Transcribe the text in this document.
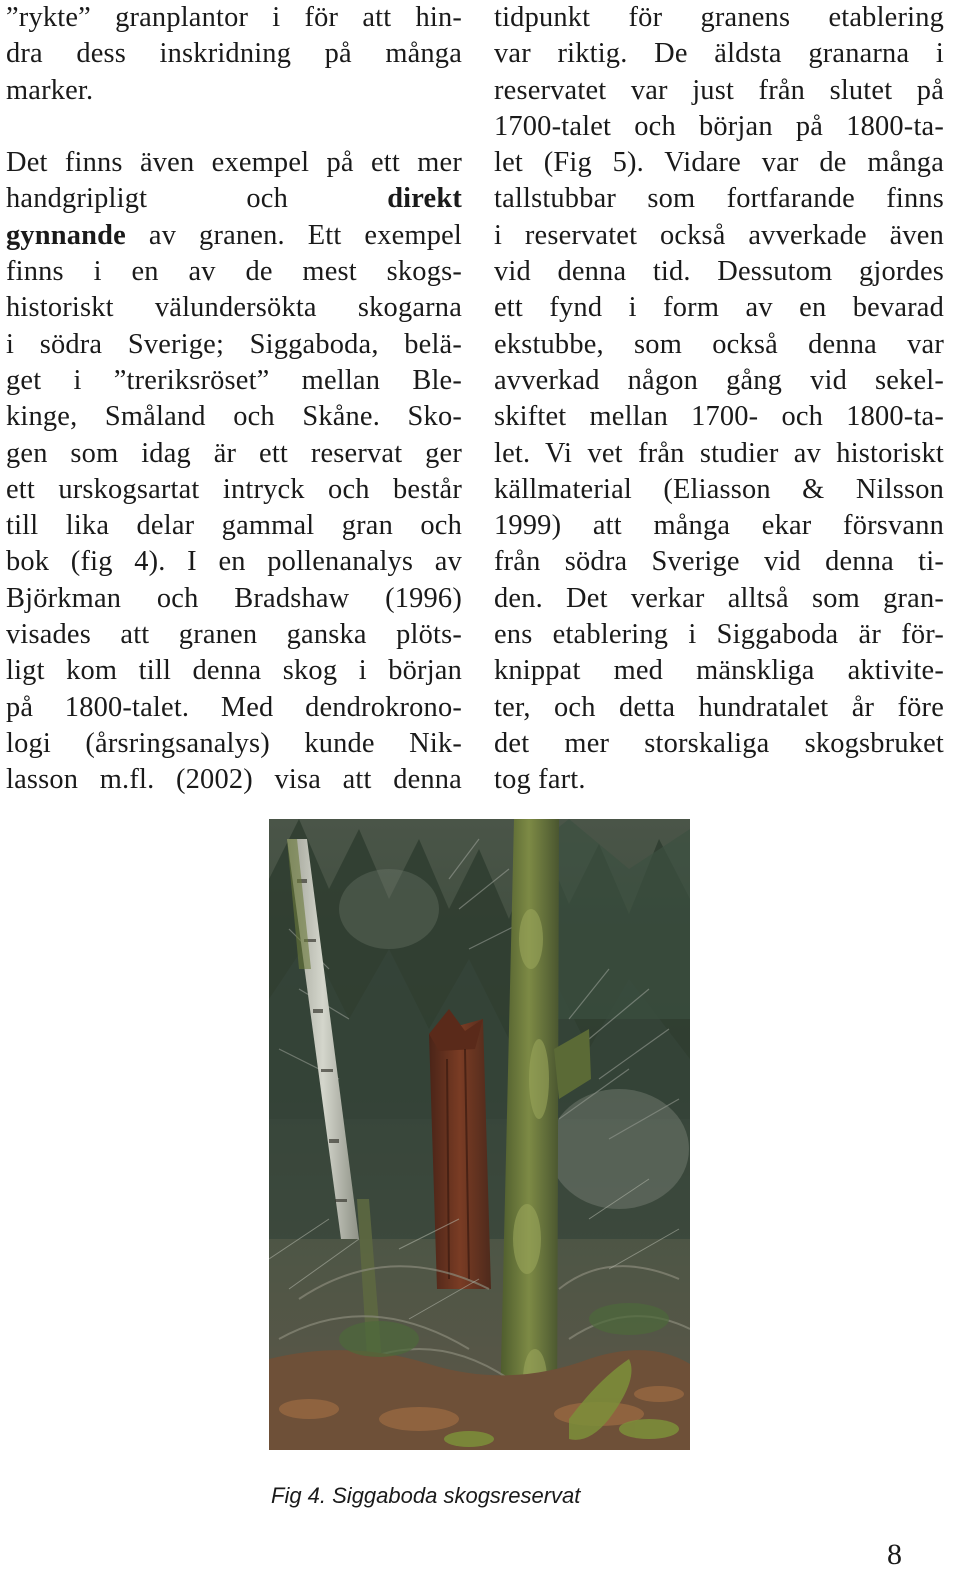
”rykte” granplantor i för att hin-
dra dess inskridning på många
marker.
Det finns även exempel på ett mer
handgripligt och direkt
gynnande av granen. Ett exempel
finns i en av de mest skogs-
historiskt välundersökta skogarna
i södra Sverige; Siggaboda, belä-
get i ”treriksröset” mellan Ble-
kinge, Småland och Skåne. Sko-
gen som idag är ett reservat ger
ett urskogsartat intryck och består
till lika delar gammal gran och
bok (fig 4). I en pollenanalys av
Björkman och Bradshaw (1996)
visades att granen ganska plöts-
ligt kom till denna skog i början
på 1800-talet. Med dendrokrono-
logi (årsringsanalys) kunde Nik-
lasson m.fl. (2002) visa att denna
tidpunkt för granens etablering
var riktig. De äldsta granarna i
reservatet var just från slutet på
1700-talet och början på 1800-ta-
let (Fig 5). Vidare var de många
tallstubbar som fortfarande finns
i reservatet också avverkade även
vid denna tid. Dessutom gjordes
ett fynd i form av en bevarad
ekstubbe, som också denna var
avverkad någon gång vid sekel-
skiftet mellan 1700- och 1800-ta-
let. Vi vet från studier av historiskt
källmaterial (Eliasson & Nilsson
1999) att många ekar försvann
från södra Sverige vid denna ti-
den. Det verkar alltså som gran-
ens etablering i Siggaboda är för-
knippat med mänskliga aktivite-
ter, och detta hundratalet år före
det mer storskaliga skogsbruket
tog fart.
Fig 4. Siggaboda skogsreservat
8
